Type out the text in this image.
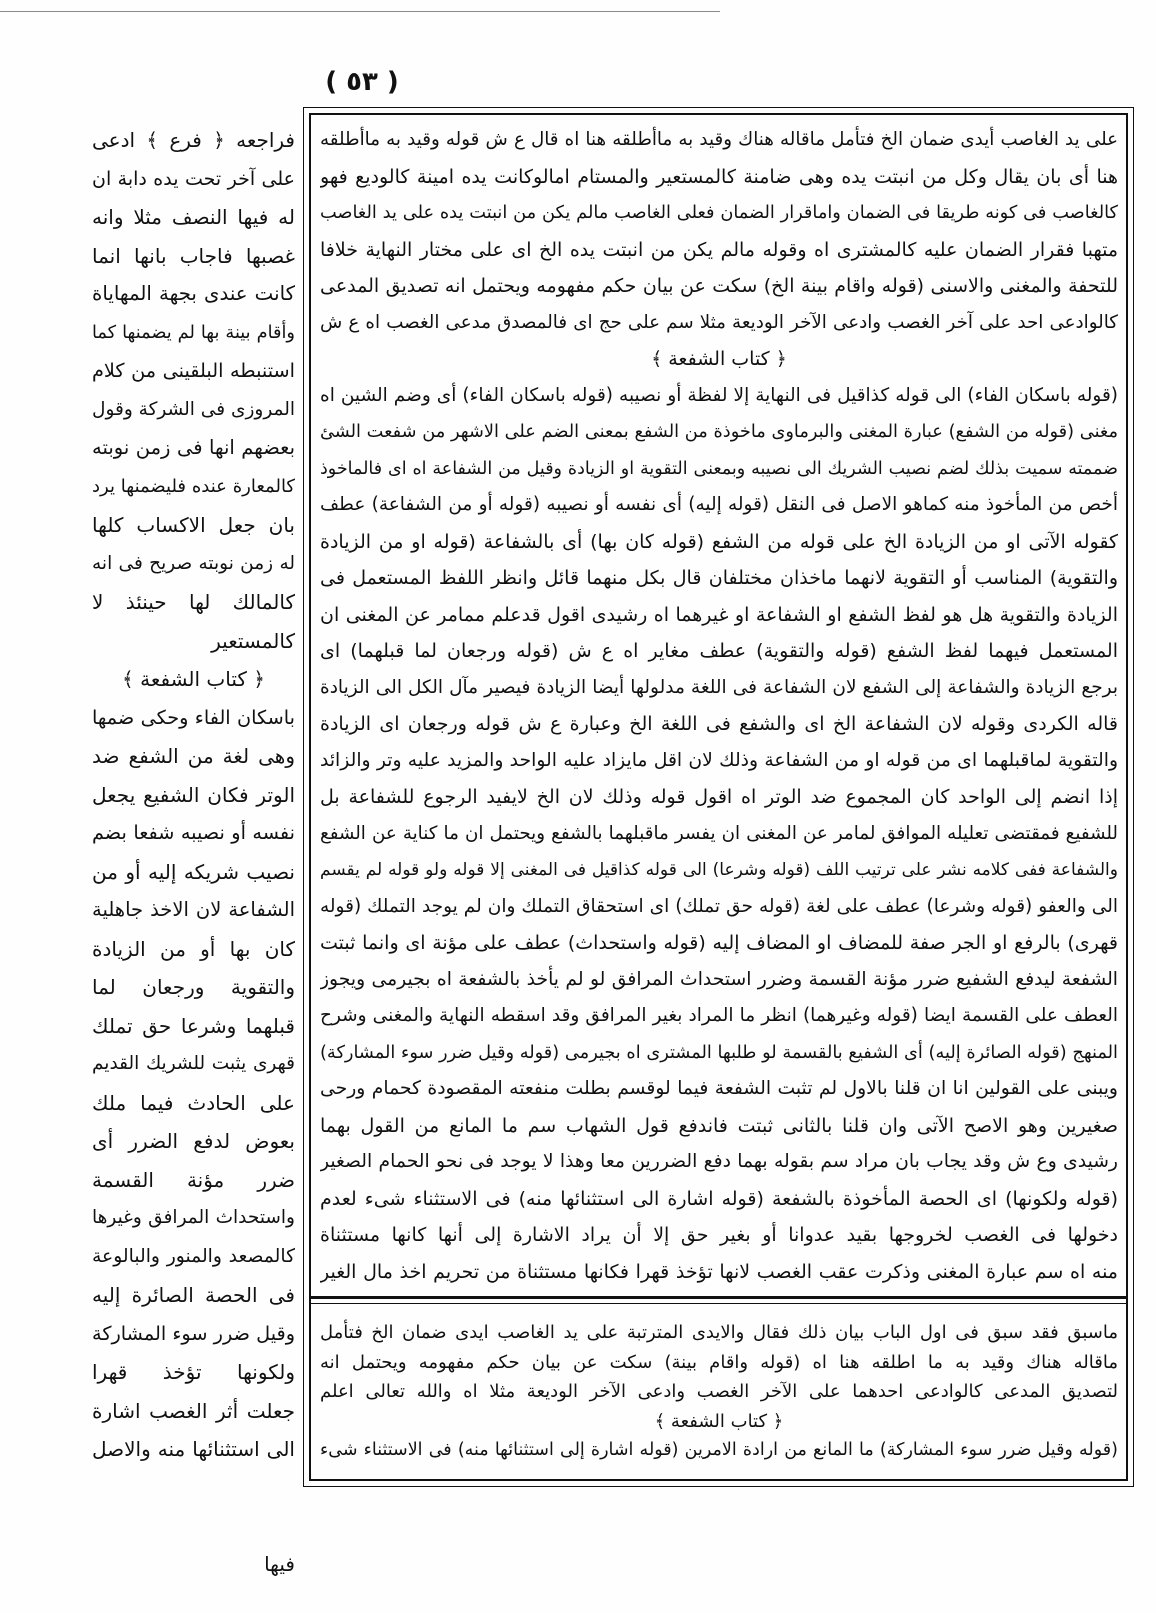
( ٥٣ )
فراجعه ﴿ فرع ﴾ ادعى
على آخر تحت يده دابة ان
له فيها النصف مثلا وانه
غصبها فاجاب بانها انما
كانت عندى بجهة المهاياة
وأقام بينة بها لم يضمنها كما
استنبطه البلقينى من كلام
المروزى فى الشركة وقول
بعضهم انها فى زمن نوبته
كالمعارة عنده فليضمنها يرد
بان جعل الاكساب كلها
له زمن نوبته صريح فى انه
كالمالك لها حينئذ لا
كالمستعير
﴿ كتاب الشفعة ﴾
باسكان الفاء وحكى ضمها
وهى لغة من الشفع ضد
الوتر فكان الشفيع يجعل
نفسه أو نصيبه شفعا بضم
نصيب شريكه إليه أو من
الشفاعة لان الاخذ جاهلية
كان بها أو من الزيادة
والتقوية ورجعان لما
قبلهما وشرعا حق تملك
قهرى يثبت للشريك القديم
على الحادث فيما ملك
بعوض لدفع الضرر أى
ضرر مؤنة القسمة
واستحداث المرافق وغيرها
كالمصعد والمنور والبالوعة
فى الحصة الصائرة إليه
وقيل ضرر سوء المشاركة
ولكونها تؤخذ قهرا
جعلت أثر الغصب اشارة
الى استثنائها منه والاصل
فيها
على يد الغاصب أيدى ضمان الخ فتأمل ماقاله هناك وقيد به ماأطلقه هنا اه قال ع ش قوله وقيد به ماأطلقه
هنا أى بان يقال وكل من انبتت يده وهى ضامنة كالمستعير والمستام امالوكانت يده امينة كالوديع فهو
كالغاصب فى كونه طريقا فى الضمان واماقرار الضمان فعلى الغاصب مالم يكن من انبتت يده على يد الغاصب
متهبا فقرار الضمان عليه كالمشترى اه وقوله مالم يكن من انبتت يده الخ اى على مختار النهاية خلافا
للتحفة والمغنى والاسنى (قوله واقام بينة الخ) سكت عن بيان حكم مفهومه ويحتمل انه تصديق المدعى
كالوادعى احد على آخر الغصب وادعى الآخر الوديعة مثلا سم على حج اى فالمصدق مدعى الغصب اه ع ش
﴿ كتاب الشفعة ﴾
(قوله باسكان الفاء) الى قوله كذاقيل فى النهاية إلا لفظة أو نصيبه (قوله باسكان الفاء) أى وضم الشين اه
مغنى (قوله من الشفع) عبارة المغنى والبرماوى ماخوذة من الشفع بمعنى الضم على الاشهر من شفعت الشئ
ضممته سميت بذلك لضم نصيب الشريك الى نصيبه وبمعنى التقوية او الزيادة وقيل من الشفاعة اه اى فالماخوذ
أخص من المأخوذ منه كماهو الاصل فى النقل (قوله إليه) أى نفسه أو نصيبه (قوله أو من الشفاعة) عطف
كقوله الآتى او من الزيادة الخ على قوله من الشفع (قوله كان بها) أى بالشفاعة (قوله او من الزيادة
والتقوية) المناسب أو التقوية لانهما ماخذان مختلفان قال بكل منهما قائل وانظر اللفظ المستعمل فى
الزيادة والتقوية هل هو لفظ الشفع او الشفاعة او غيرهما اه رشيدى اقول قدعلم ممامر عن المغنى ان
المستعمل فيهما لفظ الشفع (قوله والتقوية) عطف مغاير اه ع ش (قوله ورجعان لما قبلهما) اى
برجع الزيادة والشفاعة إلى الشفع لان الشفاعة فى اللغة مدلولها أيضا الزيادة فيصير مآل الكل الى الزيادة
قاله الكردى وقوله لان الشفاعة الخ اى والشفع فى اللغة الخ وعبارة ع ش قوله ورجعان اى الزيادة
والتقوية لماقبلهما اى من قوله او من الشفاعة وذلك لان اقل مايزاد عليه الواحد والمزيد عليه وتر والزائد
إذا انضم إلى الواحد كان المجموع ضد الوتر اه اقول قوله وذلك لان الخ لايفيد الرجوع للشفاعة بل
للشفيع فمقتضى تعليله الموافق لمامر عن المغنى ان يفسر ماقبلهما بالشفع ويحتمل ان ما كناية عن الشفع
والشفاعة ففى كلامه نشر على ترتيب اللف (قوله وشرعا) الى قوله كذاقيل فى المغنى إلا قوله ولو قوله لم يقسم
الى والعفو (قوله وشرعا) عطف على لغة (قوله حق تملك) اى استحقاق التملك وان لم يوجد التملك (قوله
قهرى) بالرفع او الجر صفة للمضاف او المضاف إليه (قوله واستحداث) عطف على مؤنة اى وانما ثبتت
الشفعة ليدفع الشفيع ضرر مؤنة القسمة وضرر استحداث المرافق لو لم يأخذ بالشفعة اه بجيرمى ويجوز
العطف على القسمة ايضا (قوله وغيرهما) انظر ما المراد بغير المرافق وقد اسقطه النهاية والمغنى وشرح
المنهج (قوله الصائرة إليه) أى الشفيع بالقسمة لو طلبها المشترى اه بجيرمى (قوله وقيل ضرر سوء المشاركة)
ويبنى على القولين انا ان قلنا بالاول لم تثبت الشفعة فيما لوقسم بطلت منفعته المقصودة كحمام ورحى
صغيرين وهو الاصح الآتى وان قلنا بالثانى ثبتت فاندفع قول الشهاب سم ما المانع من القول بهما
رشيدى وع ش وقد يجاب بان مراد سم بقوله بهما دفع الضررين معا وهذا لا يوجد فى نحو الحمام الصغير
(قوله ولكونها) اى الحصة المأخوذة بالشفعة (قوله اشارة الى استثنائها منه) فى الاستثناء شىء لعدم
دخولها فى الغصب لخروجها بقيد عدوانا أو بغير حق إلا أن يراد الاشارة إلى أنها كانها مستثناة
منه اه سم عبارة المغنى وذكرت عقب الغصب لانها تؤخذ قهرا فكانها مستثناة من تحريم اخذ مال الغير
ماسبق فقد سبق فى اول الباب بيان ذلك فقال والايدى المترتبة على يد الغاصب ايدى ضمان الخ فتأمل
ماقاله هناك وقيد به ما اطلقه هنا اه (قوله واقام بينة) سكت عن بيان حكم مفهومه ويحتمل انه
لتصديق المدعى كالوادعى احدهما على الآخر الغصب وادعى الآخر الوديعة مثلا اه والله تعالى اعلم
﴿ كتاب الشفعة ﴾
(قوله وقيل ضرر سوء المشاركة) ما المانع من ارادة الامرين (قوله اشارة إلى استثنائها منه) فى الاستثناء شىء
